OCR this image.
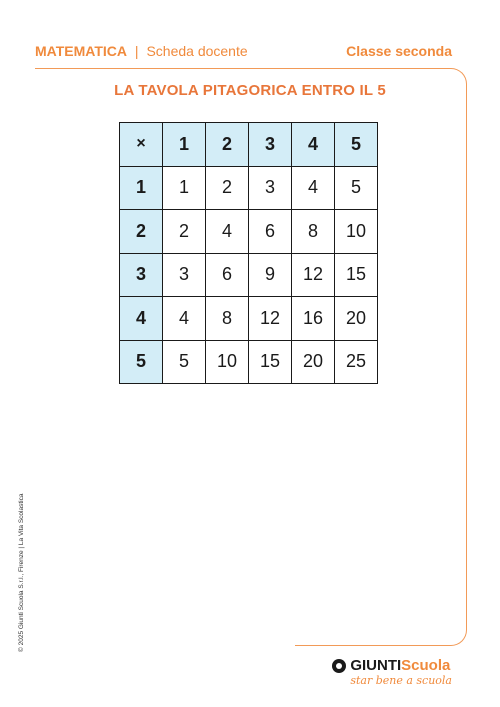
MATEMATICA | Scheda docente	Classe seconda
LA TAVOLA PITAGORICA ENTRO IL 5
×	1	2	3	4	5
1	1	2	3	4	5
2	2	4	6	8	10
3	3	6	9	12	15
4	4	8	12	16	20
5	5	10	15	20	25
© 2025 Giunti Scuola S.r.l., Firenze | La Vita Scolastica
GIUNTI Scuola
star bene a scuola
